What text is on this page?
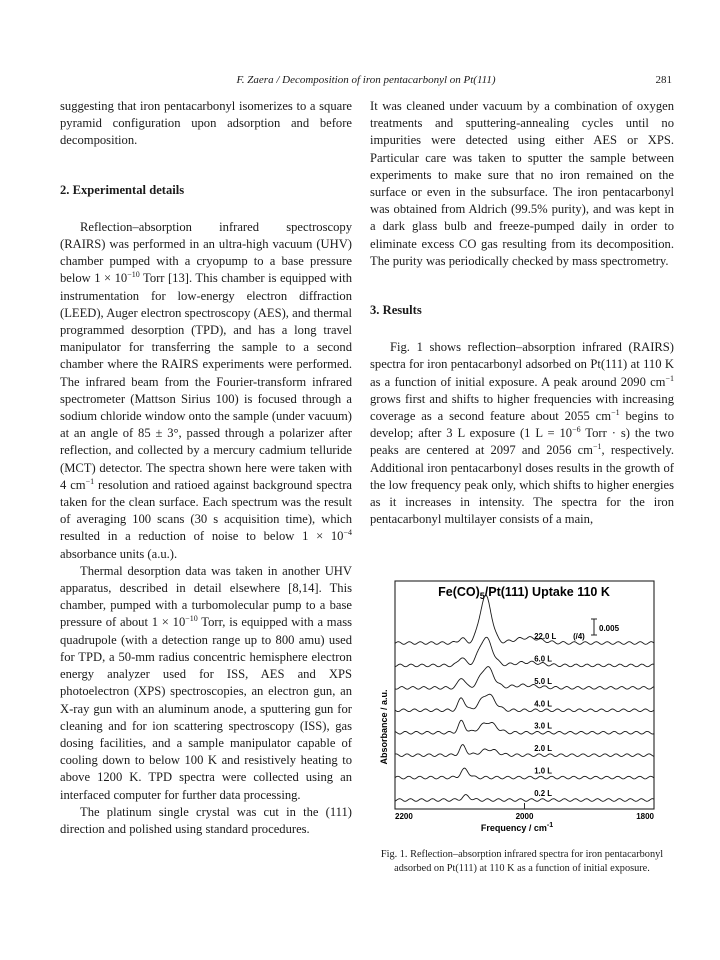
F. Zaera / Decomposition of iron pentacarbonyl on Pt(111)	281

suggesting that iron pentacarbonyl isomerizes to a square pyramid configuration upon adsorption and before decomposition.

2. Experimental details

Reflection–absorption infrared spectroscopy (RAIRS) was performed in an ultra-high vacuum (UHV) chamber pumped with a cryopump to a base pressure below $1 \times 10^{-10}$ Torr [13]. This chamber is equipped with instrumentation for low-energy electron diffraction (LEED), Auger electron spectroscopy (AES), and thermal programmed desorption (TPD), and has a long travel manipulator for transferring the sample to a second chamber where the RAIRS experiments were performed. The infrared beam from the Fourier-transform infrared spectrometer (Mattson Sirius 100) is focused through a sodium chloride window onto the sample (under vacuum) at an angle of 85 ± 3°, passed through a polarizer after reflection, and collected by a mercury cadmium telluride (MCT) detector. The spectra shown here were taken with 4 $cm^{-1}$ resolution and ratioed against background spectra taken for the clean surface. Each spectrum was the result of averaging 100 scans (30 s acquisition time), which resulted in a reduction of noise to below $1 \times 10^{-4}$ absorbance units (a.u.).

Thermal desorption data was taken in another UHV apparatus, described in detail elsewhere [8,14]. This chamber, pumped with a turbomolecular pump to a base pressure of about $1 \times 10^{-10}$ Torr, is equipped with a mass quadrupole (with a detection range up to 800 amu) used for TPD, a 50-mm radius concentric hemisphere electron energy analyzer used for ISS, AES and XPS photoelectron (XPS) spectroscopies, an electron gun, an X-ray gun with an aluminum anode, a sputtering gun for cleaning and for ion scattering spectroscopy (ISS), gas dosing facilities, and a sample manipulator capable of cooling down to below 100 K and resistively heating to above 1200 K. TPD spectra were collected using an interfaced computer for further data processing.

The platinum single crystal was cut in the (111) direction and polished using standard procedures.

It was cleaned under vacuum by a combination of oxygen treatments and sputtering-annealing cycles until no impurities were detected using either AES or XPS. Particular care was taken to sputter the sample between experiments to make sure that no iron remained on the surface or even in the subsurface. The iron pentacarbonyl was obtained from Aldrich (99.5% purity), and was kept in a dark glass bulb and freeze-pumped daily in order to eliminate excess CO gas resulting from its decomposition. The purity was periodically checked by mass spectrometry.

3. Results

Fig. 1 shows reflection–absorption infrared (RAIRS) spectra for iron pentacarbonyl adsorbed on Pt(111) at 110 K as a function of initial exposure. A peak around 2090 $cm^{-1}$ grows first and shifts to higher frequencies with increasing coverage as a second feature about 2055 $cm^{-1}$ begins to develop; after 3 L exposure (1 $L = 10^{-6}$ Torr · s) the two peaks are centered at 2097 and 2056 $cm^{-1}$, respectively. Additional iron pentacarbonyl doses results in the growth of the low frequency peak only, which shifts to higher energies as it increases in intensity. The spectra for the iron pentacarbonyl multilayer consists of a main,

$Fe(CO)_5/Pt(111)$ Uptake 110 K
0.005
Absorbance / a.u.
Frequency / $cm^{-1}$
22.0 L (/4)
6.0 L
5.0 L
4.0 L
3.0 L
2.0 L
1.0 L
0.2 L
2200	2000	1800
Fig. 1. Reflection–absorption infrared spectra for iron pentacarbonyl adsorbed on Pt(111) at 110 K as a function of initial exposure.
